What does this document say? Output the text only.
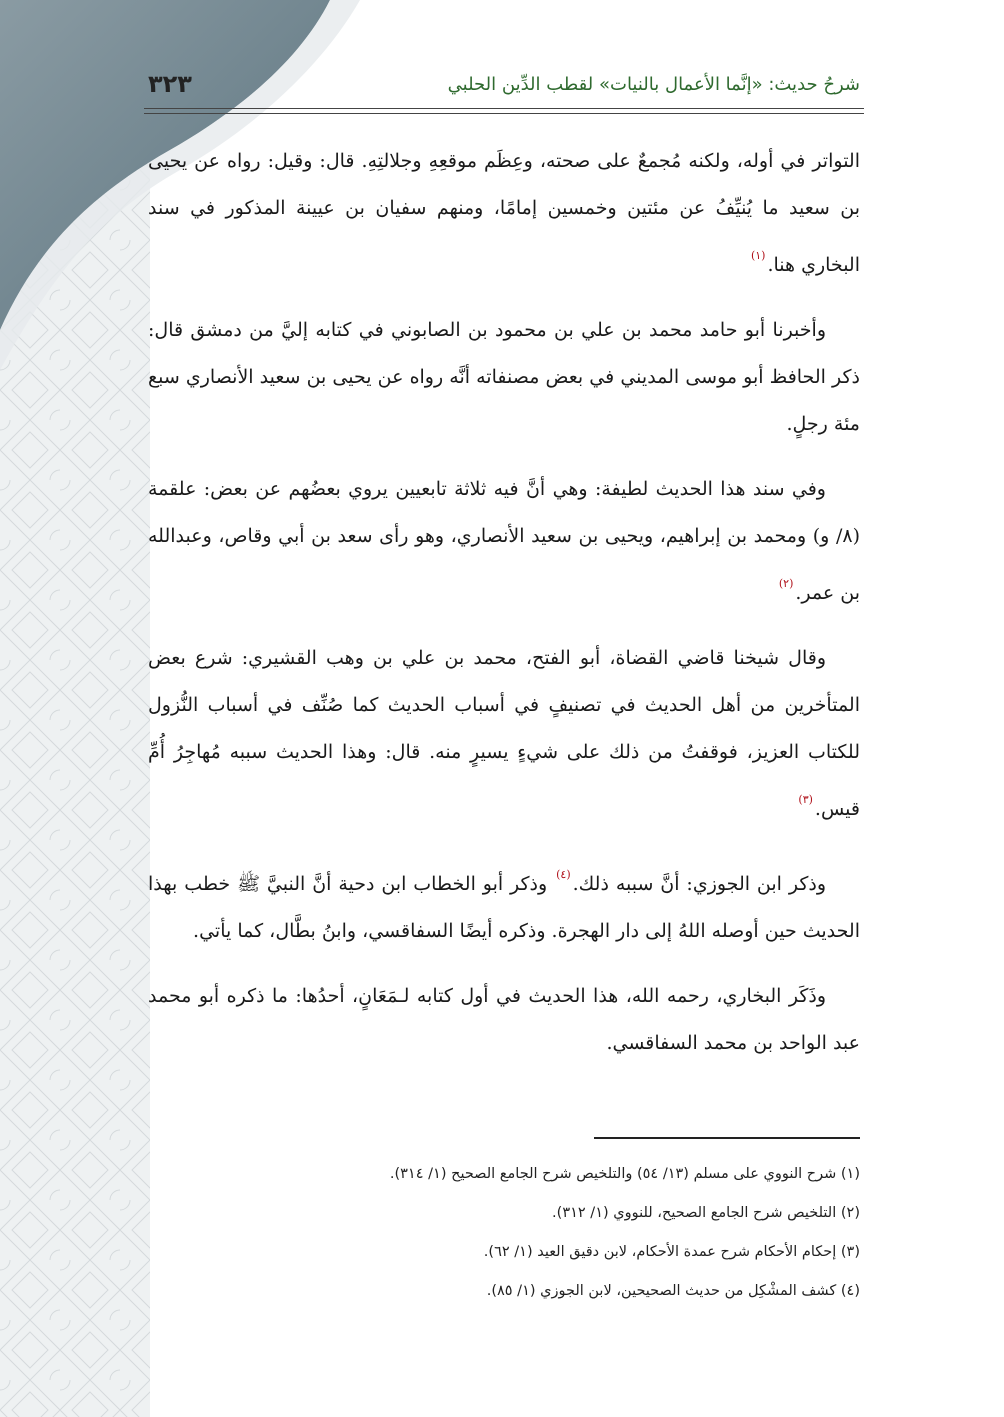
شرحُ حديث: «إنَّما الأعمال بالنيات» لقطب الدِّين الحلبي
٣٢٣

التواتر في أوله، ولكنه مُجمعٌ على صحته، وعِظَم موقعِهِ وجلالتِهِ. قال: وقيل: رواه عن يحيى بن سعيد ما يُنيِّفُ عن مئتين وخمسين إمامًا، ومنهم سفيان بن عيينة المذكور في سند البخاري هنا.$^{(١)}$

وأخبرنا أبو حامد محمد بن علي بن محمود بن الصابوني في كتابه إليَّ من دمشق قال: ذكر الحافظ أبو موسى المديني في بعض مصنفاته أنَّه رواه عن يحيى بن سعيد الأنصاري سبع مئة رجلٍ.

وفي سند هذا الحديث لطيفة: وهي أنَّ فيه ثلاثة تابعيين يروي بعضُهم عن بعض: علقمة (٨/ و) ومحمد بن إبراهيم، ويحيى بن سعيد الأنصاري، وهو رأى سعد بن أبي وقاص، وعبدالله بن عمر.$^{(٢)}$

وقال شيخنا قاضي القضاة، أبو الفتح، محمد بن علي بن وهب القشيري: شرع بعض المتأخرين من أهل الحديث في تصنيفٍ في أسباب الحديث كما صُنِّف في أسباب النُّزول للكتاب العزيز، فوقفتُ من ذلك على شيءٍ يسيرٍ منه. قال: وهذا الحديث سببه مُهاجِرُ أُمِّ قيس.$^{(٣)}$

وذكر ابن الجوزي: أنَّ سببه ذلك.$^{(٤)}$ وذكر أبو الخطاب ابن دحية أنَّ النبيَّ ﷺ خطب بهذا الحديث حين أوصله اللهُ إلى دار الهجرة. وذكره أيضًا السفاقسي، وابنُ بطَّال، كما يأتي.

وذَكَر البخاري، رحمه الله، هذا الحديث في أول كتابه لـمَعَانٍ، أحدُها: ما ذكره أبو محمد عبد الواحد بن محمد السفاقسي.

(١) شرح النووي على مسلم (١٣/ ٥٤) والتلخيص شرح الجامع الصحيح (١/ ٣١٤).

(٢) التلخيص شرح الجامع الصحيح، للنووي (١/ ٣١٢).

(٣) إحكام الأحكام شرح عمدة الأحكام، لابن دقيق العيد (١/ ٦٢).

(٤) كشف المشْكِل من حديث الصحيحين، لابن الجوزي (١/ ٨٥).
